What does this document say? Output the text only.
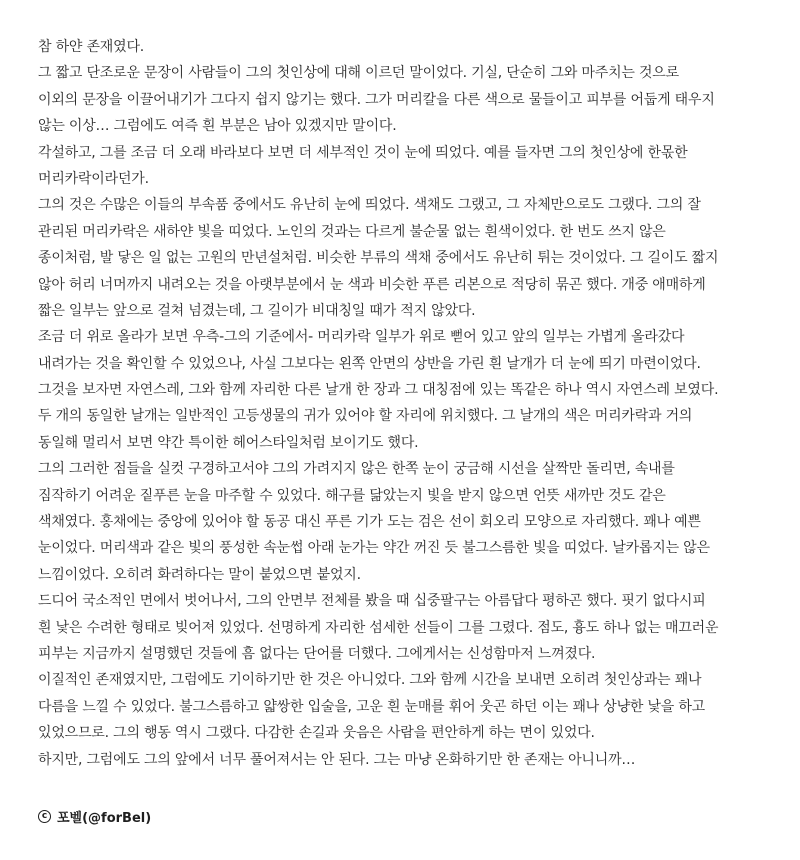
참 하얀 존재였다.
그 짧고 단조로운 문장이 사람들이 그의 첫인상에 대해 이르던 말이었다. 기실, 단순히 그와 마주치는 것으로
이외의 문장을 이끌어내기가 그다지 쉽지 않기는 했다. 그가 머리칼을 다른 색으로 물들이고 피부를 어둡게 태우지
않는 이상… 그럼에도 여즉 흰 부분은 남아 있겠지만 말이다.
각설하고, 그를 조금 더 오래 바라보다 보면 더 세부적인 것이 눈에 띄었다. 예를 들자면 그의 첫인상에 한몫한
머리카락이라던가.
그의 것은 수많은 이들의 부속품 중에서도 유난히 눈에 띄었다. 색채도 그랬고, 그 자체만으로도 그랬다. 그의 잘
관리된 머리카락은 새하얀 빛을 띠었다. 노인의 것과는 다르게 불순물 없는 흰색이었다. 한 번도 쓰지 않은
종이처럼, 발 닿은 일 없는 고원의 만년설처럼. 비슷한 부류의 색채 중에서도 유난히 튀는 것이었다. 그 길이도 짧지
않아 허리 너머까지 내려오는 것을 아랫부분에서 눈 색과 비슷한 푸른 리본으로 적당히 묶곤 했다. 개중 애매하게
짧은 일부는 앞으로 걸쳐 넘겼는데, 그 길이가 비대칭일 때가 적지 않았다.
조금 더 위로 올라가 보면 우측-그의 기준에서- 머리카락 일부가 위로 뻗어 있고 앞의 일부는 가볍게 올라갔다
내려가는 것을 확인할 수 있었으나, 사실 그보다는 왼쪽 안면의 상반을 가린 흰 날개가 더 눈에 띄기 마련이었다.
그것을 보자면 자연스레, 그와 함께 자리한 다른 날개 한 장과 그 대칭점에 있는 똑같은 하나 역시 자연스레 보였다.
두 개의 동일한 날개는 일반적인 고등생물의 귀가 있어야 할 자리에 위치했다. 그 날개의 색은 머리카락과 거의
동일해 멀리서 보면 약간 특이한 헤어스타일처럼 보이기도 했다.
그의 그러한 점들을 실컷 구경하고서야 그의 가려지지 않은 한쪽 눈이 궁금해 시선을 살짝만 돌리면, 속내를
짐작하기 어려운 짙푸른 눈을 마주할 수 있었다. 해구를 닮았는지 빛을 받지 않으면 언뜻 새까만 것도 같은
색채였다. 홍채에는 중앙에 있어야 할 동공 대신 푸른 기가 도는 검은 선이 회오리 모양으로 자리했다. 꽤나 예쁜
눈이었다. 머리색과 같은 빛의 풍성한 속눈썹 아래 눈가는 약간 꺼진 듯 불그스름한 빛을 띠었다. 날카롭지는 않은
느낌이었다. 오히려 화려하다는 말이 붙었으면 붙었지.
드디어 국소적인 면에서 벗어나서, 그의 안면부 전체를 봤을 때 십중팔구는 아름답다 평하곤 했다. 핏기 없다시피
흰 낯은 수려한 형태로 빚어져 있었다. 선명하게 자리한 섬세한 선들이 그를 그렸다. 점도, 흉도 하나 없는 매끄러운
피부는 지금까지 설명했던 것들에 흠 없다는 단어를 더했다. 그에게서는 신성함마저 느껴졌다.
이질적인 존재였지만, 그럼에도 기이하기만 한 것은 아니었다. 그와 함께 시간을 보내면 오히려 첫인상과는 꽤나
다름을 느낄 수 있었다. 불그스름하고 얇쌍한 입술을, 고운 흰 눈매를 휘어 웃곤 하던 이는 꽤나 상냥한 낯을 하고
있었으므로. 그의 행동 역시 그랬다. 다감한 손길과 웃음은 사람을 편안하게 하는 면이 있었다.
하지만, 그럼에도 그의 앞에서 너무 풀어져서는 안 된다. 그는 마냥 온화하기만 한 존재는 아니니까…
c 포벨(@forBel)
